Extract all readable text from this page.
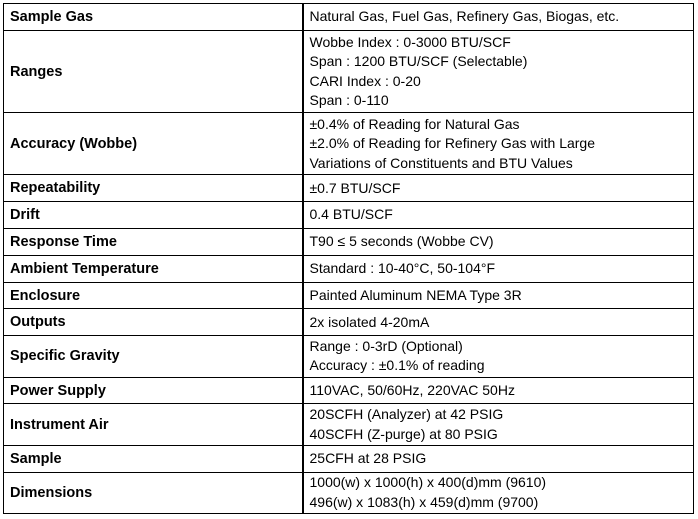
Sample Gas	Natural Gas, Fuel Gas, Refinery Gas, Biogas, etc.

Ranges	Wobbe Index : 0-3000 BTU/SCF
Span : 1200 BTU/SCF (Selectable)
CARI Index : 0-20
Span : 0-110

Accuracy (Wobbe)	±0.4% of Reading for Natural Gas
±2.0% of Reading for Refinery Gas with Large
Variations of Constituents and BTU Values

Repeatability	±0.7 BTU/SCF

Drift	0.4 BTU/SCF

Response Time	T90 ≤ 5 seconds (Wobbe CV)

Ambient Temperature	Standard : 10-40°C, 50-104°F

Enclosure	Painted Aluminum NEMA Type 3R

Outputs	2x isolated 4-20mA

Specific Gravity	Range : 0-3rD (Optional)
Accuracy : ±0.1% of reading

Power Supply	110VAC, 50/60Hz, 220VAC 50Hz

Instrument Air	20SCFH (Analyzer) at 42 PSIG
40SCFH (Z-purge) at 80 PSIG

Sample	25CFH at 28 PSIG

Dimensions	1000(w) x 1000(h) x 400(d)mm (9610)
496(w) x 1083(h) x 459(d)mm (9700)
